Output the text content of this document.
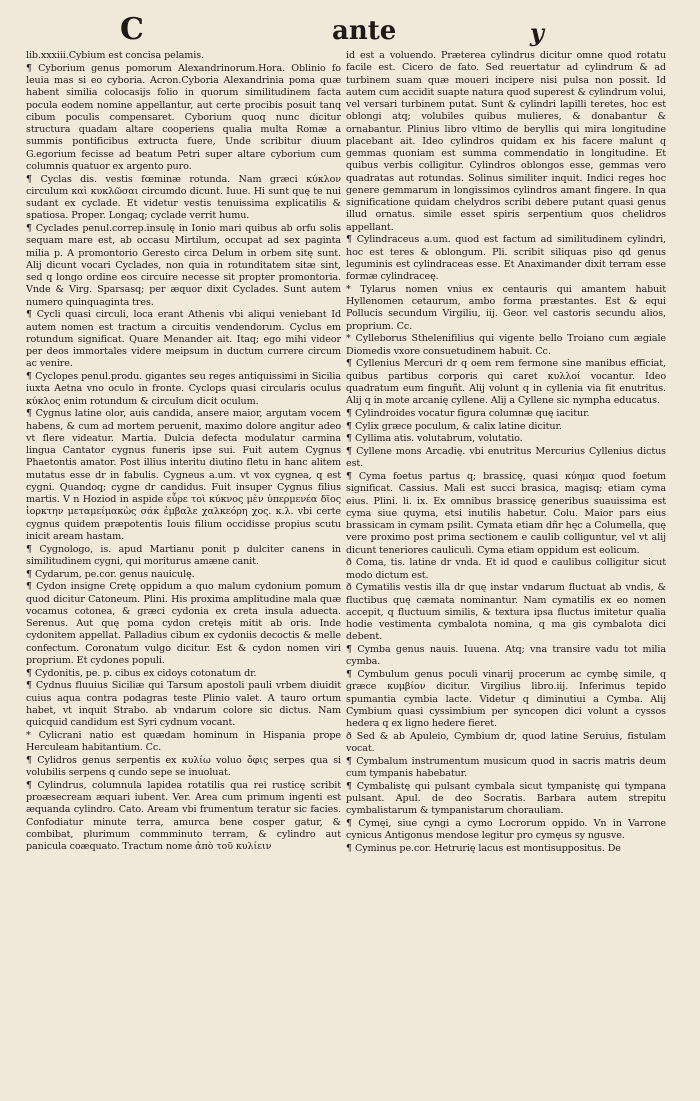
C	ante	y

lib.xxxiii.Cybium est concisa pelamis.

¶ Cyborium genus pomorum Alexandrinorum.Hora. Oblinio fo leuia mas si eo cyboria. Acron.Cyboria Alexandrinia poma quæ habent similia colocasijs folio in quorum similitudinem facta pocula eodem nomine appellantur, aut certe procibis posuit tanq cibum poculis compensaret. Cyborium quoq nunc dicitur structura quadam altare cooperiens qualia multa Romæ a summis pontificibus extructa fuere, Unde scribitur diuum G.egorium fecisse ad beatum Petri super altare cyborium cum columnis quatuor ex argento puro.

¶ Cyclas dis. vestis fœminæ rotunda. Nam græci κύκλον circulum καὶ κυκλῶσαι circumdo dicunt. Iuue. Hi sunt quę te nui sudant ex cyclade. Et videtur vestis tenuissima explicatilis & spatiosa. Proper. Longaq; cyclade verrit humu.

¶ Cyclades penul.correp.insulę in Ionio mari quibus ab orfu solis sequam mare est, ab occasu Mirtilum, occupat ad sex paginta milia p. A promontorio Geresto circa Delum in orbem sitę sunt. Alij dicunt vocari Cyclades, non quia in rotunditatem sitæ sint, sed q longo ordine eos circuire necesse sit propter promontoria. Vnde & Virg. Sparsasq; per æquor dixit Cyclades. Sunt autem numero quinquaginta tres.

¶ Cycli quasi circuli, loca erant Athenis vbi aliqui veniebant Id autem nomen est tractum a circuitis vendendorum. Cyclus em rotundum significat. Quare Menander ait. Itaq; ego mihi videor per deos immortales videre meipsum in ductum currere circum ac venire.

¶ Cyclopes penul.produ. gigantes seu reges antiquissimi in Sicilia iuxta Aetna vno oculo in fronte. Cyclops quasi circularis oculus κύκλος enim rotundum & circulum dicit oculum.

¶ Cygnus latine olor, auis candida, ansere maior, argutam vocem habens, & cum ad mortem peruenit, maximo dolore angitur adeo vt flere videatur. Martia. Dulcia defecta modulatur carmina lingua Cantator cygnus funeris ipse sui. Fuit autem Cygnus Phaetontis amator. Post illius interitu diutino fletu in hanc alitem mutatus esse dr in fabulis. Cygneus a.um. vt vox cygnea, q est cygni. Quandoq; cygne dr candidus. Fuit insuper Cygnus filius martis. V n Hoziod in aspide εὗρε τοὶ κύκνος μὲν ὑπερμενέα δῖος ἰορκτην μεταμείμακὼς σάκ ἐμβαλε χαλκεόρη χος. κ.λ. vbi certe cygnus quidem præpotentis Iouis filium occidisse propius scutu inicit aream hastam.

¶ Cygnologo, is. apud Martianu ponit p dulciter canens in similitudinem cygni, qui moriturus amæne canit.

¶ Cydarum, pe.cor. genus nauiculę.

¶ Cydon insigne Cretę oppidum a quo malum cydonium pomum quod dicitur Catoneum. Plini. His proxima amplitudine mala quæ vocamus cotonea, & græci cydonia ex creta insula aduecta. Serenus. Aut quę poma cydon cretęis mitit ab oris. Inde cydonitem appellat. Palladius cibum ex cydoniis decoctis & melle confectum. Coronatum vulgo dicitur. Est & cydon nomen viri proprium. Et cydones populi.

¶ Cydonitis, pe. p. cibus ex cidoys cotonatum dr.

¶ Cydnus fluuius Siciliæ qui Tarsum apostoli pauli vrbem diuidit cuius aqua contra podagras teste Plinio valet. A tauro ortum habet, vt inquit Strabo. ab vndarum colore sic dictus. Nam quicquid candidum est Syri cydnum vocant.

* Cylicrani natio est quædam hominum in Hispania prope Herculeam habitantium. Cc.

¶ Cylidros genus serpentis ex κυλίω voluo ὄφις serpes qua si volubilis serpens q cundo sepe se inuoluat.

¶ Cylindrus, columnula lapidea rotatilis qua rei rusticę scribit proæsecream æquari iubent. Ver. Area cum primum ingenti est æquanda cylindro. Cato. Aream vbi frumentum teratur sic facies. Confodiatur minute terra, amurca bene cosper gatur, & combibat, plurimum commminuto terram, & cylindro aut panicula coæquato. Tractum nome ἀπὸ τοῦ κυλίειν

id est a voluendo. Præterea cylindrus dicitur omne quod rotatu facile est. Cicero de fato. Sed reuertatur ad cylindrum & ad turbinem suam quæ moueri incipere nisi pulsa non possit. Id autem cum accidit suapte natura quod superest & cylindrum volui, vel versari turbinem putat. Sunt & cylindri lapilli teretes, hoc est oblongi atq; volubiles quibus mulieres, & donabantur & ornabantur. Plinius libro vltimo de beryllis qui mira longitudine placebant ait. Ideo cylindros quidam ex his facere malunt q gemmas quoniam est summa commendatio in longitudine. Et quibus verbis colligitur. Cylindros oblongos esse, gemmas vero quadratas aut rotundas. Solinus similiter inquit. Indici reges hoc genere gemmarum in longissimos cylindros amant fingere. In qua significatione quidam chelydros scribi debere putant quasi genus illud ornatus. simile esset spiris serpentium quos chelidros appellant.

¶ Cylindraceus a.um. quod est factum ad similitudinem cylindri, hoc est teres & oblongum. Pli. scribit siliquas piso qd genus leguminis est cylindraceas esse. Et Anaximander dixit terram esse formæ cylindraceę.

* Tylarus nomen vnius ex centauris qui amantem habuit Hyllenomen cetaurum, ambo forma præstantes. Est & equi Pollucis secundum Virgiliu, iij. Geor. vel castoris secundu alios, proprium. Cc.

* Cylleborus Sthelenifilius qui vigente bello Troiano cum ægiale Diomedis vxore consuetudinem habuit. Cc.

¶ Cyllenius Mercuri dr q oem rem fermone sine manibus efficiat, quibus partibus corporis qui caret κυλλοί vocantur. Ideo quadratum eum finguñt. Alij volunt q in cyllenia via fit enutritus. Alij q in mote arcanię cyllene. Alij a Cyllene sic nympha educatus.

¶ Cylindroides vocatur figura columnæ quę iacitur.

¶ Cylix græce poculum, & calix latine dicitur.

¶ Cyllima atis. volutabrum, volutatio.

¶ Cyllene mons Arcadię. vbi enutritus Mercurius Cyllenius dictus est.

¶ Cyma foetus partus q; brassicę, quasi κύημα quod foetum significat. Cassius. Mali est succi brasica, magisq; etiam cyma eius. Plini. li. ix. Ex omnibus brassicę generibus suauissima est cyma siue quyma, etsi inutilis habetur. Colu. Maior pars eius brassicam in cymam psilit. Cymata etiam dñr hęc a Columella, quę vere proximo post prima sectionem e caulib colliguntur, vel vt alij dicunt teneriores cauliculi. Cyma etiam oppidum est eolicum.

ð Coma, tis. latine dr vnda. Et id quod e caulibus colligitur sicut modo dictum est.

ð Cymatilis vestis illa dr quę instar vndarum fluctuat ab vndis, & fluctibus quę cæmata nominantur. Nam cymatilis ex eo nomen accepit, q fluctuum similis, & textura ipsa fluctus imitetur qualia hodie vestimenta cymbalota nomina, q ma gis cymbalota dici debent.

¶ Cymba genus nauis. Iuuena. Atq; vna transire vadu tot milia cymba.

¶ Cymbulum genus poculi vinarij procerum ac cymbę simile, q græce κυμβίον dicitur. Virgilius libro.iij. Inferimus tepido spumantia cymbia lacte. Videtur q diminutiui a Cymba. Alij Cymbium quasi cyssimbium per syncopen dici volunt a cyssos hedera q ex ligno hedere fieret.

ð Sed & ab Apuleio, Cymbium dr, quod latine Seruius, fistulam vocat.

¶ Cymbalum instrumentum musicum quod in sacris matris deum cum tympanis habebatur.

¶ Cymbalistę qui pulsant cymbala sicut tympanistę qui tympana pulsant. Apul. de deo Socratis. Barbara autem strepitu cymbalistarum & tympanistarum chorauliam.

¶ Cymęi, siue cyngi a cymo Locrorum oppido. Vn in Varrone cynicus Antigonus mendose legitur pro cymęus sy ngusve.

¶ Cyminus pe.cor. Hetrurię lacus est montisuppositus. De
